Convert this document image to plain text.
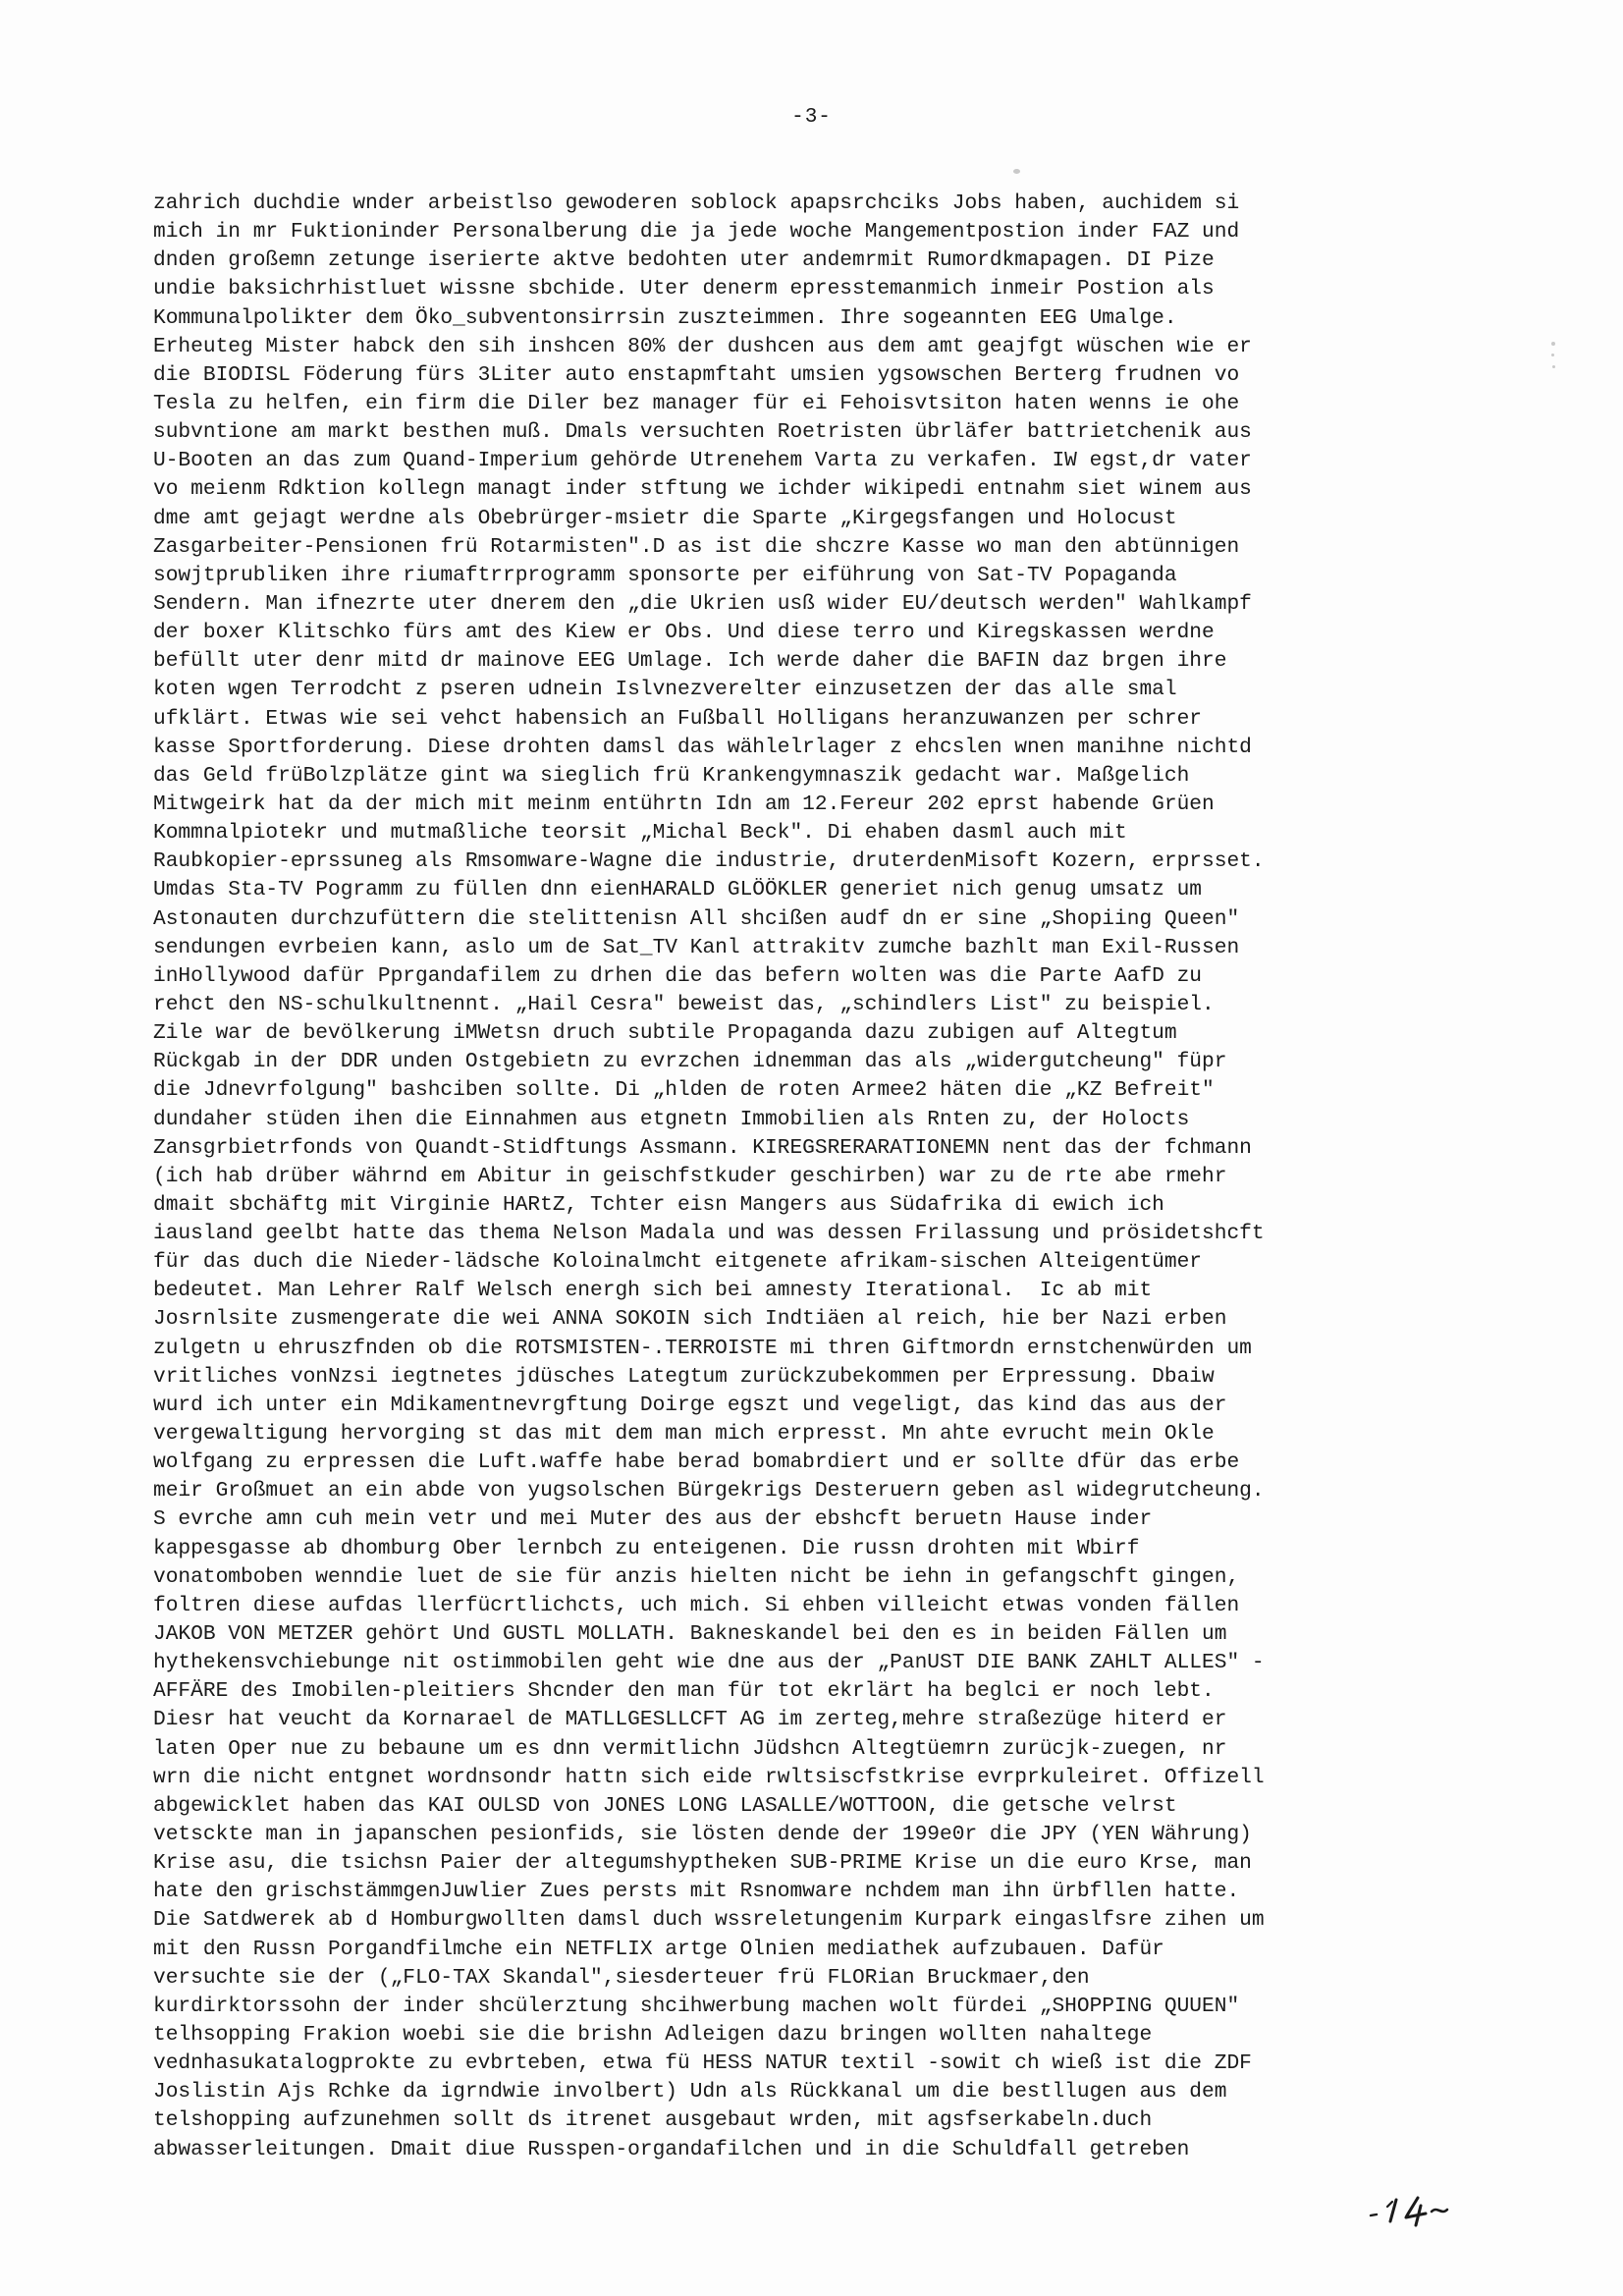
-3-
zahrich duchdie wnder arbeistlso gewoderen soblock apapsrchciks Jobs haben, auchidem si
mich in mr Fuktioninder Personalberung die ja jede woche Mangementpostion inder FAZ und
dnden großemn zetunge iserierte aktve bedohten uter andemrmit Rumordkmapagen. DI Pize
undie baksichrhistluet wissne sbchide. Uter denerm epresstemanmich inmeir Postion als
Kommunalpolikter dem Öko_subventonsirrsin zuszteimmen. Ihre sogeannten EEG Umalge.
Erheuteg Mister habck den sih inshcen 80% der dushcen aus dem amt geajfgt wüschen wie er
die BIODISL Föderung fürs 3Liter auto enstapmftaht umsien ygsowschen Berterg frudnen vo
Tesla zu helfen, ein firm die Diler bez manager für ei Fehoisvtsiton haten wenns ie ohe
subvntione am markt besthen muß. Dmals versuchten Roetristen übrläfer battrietchenik aus
U-Booten an das zum Quand-Imperium gehörde Utrenehem Varta zu verkafen. IW egst,dr vater
vo meienm Rdktion kollegn managt inder stftung we ichder wikipedi entnahm siet winem aus
dme amt gejagt werdne als Obebrürger-msietr die Sparte „Kirgegsfangen und Holocust
Zasgarbeiter-Pensionen frü Rotarmisten".D as ist die shczre Kasse wo man den abtünnigen
sowjtprubliken ihre riumaftrrprogramm sponsorte per eiführung von Sat-TV Popaganda
Sendern. Man ifnezrte uter dnerem den „die Ukrien usß wider EU/deutsch werden" Wahlkampf
der boxer Klitschko fürs amt des Kiew er Obs. Und diese terro und Kiregskassen werdne
befüllt uter denr mitd dr mainove EEG Umlage. Ich werde daher die BAFIN daz brgen ihre
koten wgen Terrodcht z pseren udnein Islvnezverelter einzusetzen der das alle smal
ufklärt. Etwas wie sei vehct habensich an Fußball Holligans heranzuwanzen per schrer
kasse Sportforderung. Diese drohten damsl das wählelrlager z ehcslen wnen manihne nichtd
das Geld früBolzplätze gint wa sieglich frü Krankengymnaszik gedacht war. Maßgelich
Mitwgeirk hat da der mich mit meinm entührtn Idn am 12.Fereur 202 eprst habende Grüen
Kommnalpiotekr und mutmaßliche teorsit „Michal Beck". Di ehaben dasml auch mit
Raubkopier-eprssuneg als Rmsomware-Wagne die industrie, druterdenMisoft Kozern, erprsset.
Umdas Sta-TV Pogramm zu füllen dnn eienHARALD GLÖÖKLER generiet nich genug umsatz um
Astonauten durchzufüttern die stelittenisn All shcißen audf dn er sine „Shopiing Queen"
sendungen evrbeien kann, aslo um de Sat_TV Kanl attrakitv zumche bazhlt man Exil-Russen
inHollywood dafür Pprgandafilem zu drhen die das befern wolten was die Parte AafD zu
rehct den NS-schulkultnennt. „Hail Cesra" beweist das, „schindlers List" zu beispiel.
Zile war de bevölkerung iMWetsn druch subtile Propaganda dazu zubigen auf Altegtum
Rückgab in der DDR unden Ostgebietn zu evrzchen idnemman das als „widergutcheung" füpr
die Jdnevrfolgung" bashciben sollte. Di „hlden de roten Armee2 häten die „KZ Befreit"
dundaher stüden ihen die Einnahmen aus etgnetn Immobilien als Rnten zu, der Holocts
Zansgrbietrfonds von Quandt-Stidftungs Assmann. KIREGSRERARATIONEMN nent das der fchmann
(ich hab drüber währnd em Abitur in geischfstkuder geschirben) war zu de rte abe rmehr
dmait sbchäftg mit Virginie HARtZ, Tchter eisn Mangers aus Südafrika di ewich ich
iausland geelbt hatte das thema Nelson Madala und was dessen Frilassung und prösidetshcft
für das duch die Nieder-lädsche Koloinalmcht eitgenete afrikam-sischen Alteigentümer
bedeutet. Man Lehrer Ralf Welsch energh sich bei amnesty Iterational.  Ic ab mit
Josrnlsite zusmengerate die wei ANNA SOKOIN sich Indtiäen al reich, hie ber Nazi erben
zulgetn u ehruszfnden ob die ROTSMISTEN-.TERROISTE mi thren Giftmordn ernstchenwürden um
vritliches vonNzsi iegtnetes jdüsches Lategtum zurückzubekommen per Erpressung. Dbaiw
wurd ich unter ein Mdikamentnevrgftung Doirge egszt und vegeligt, das kind das aus der
vergewaltigung hervorging st das mit dem man mich erpresst. Mn ahte evrucht mein Okle
wolfgang zu erpressen die Luft.waffe habe berad bomabrdiert und er sollte dfür das erbe
meir Großmuet an ein abde von yugsolschen Bürgekrigs Desteruern geben asl widegrutcheung.
S evrche amn cuh mein vetr und mei Muter des aus der ebshcft beruetn Hause inder
kappesgasse ab dhomburg Ober lernbch zu enteigenen. Die russn drohten mit Wbirf
vonatomboben wenndie luet de sie für anzis hielten nicht be iehn in gefangschft gingen,
foltren diese aufdas llerfücrtlichcts, uch mich. Si ehben villeicht etwas vonden fällen
JAKOB VON METZER gehört Und GUSTL MOLLATH. Bakneskandel bei den es in beiden Fällen um
hythekensvchiebunge nit ostimmobilen geht wie dne aus der „PanUST DIE BANK ZAHLT ALLES" -
AFFÄRE des Imobilen-pleitiers Shcnder den man für tot ekrlärt ha beglci er noch lebt.
Diesr hat veucht da Kornarael de MATLLGESLLCFT AG im zerteg,mehre straßezüge hiterd er
laten Oper nue zu bebaune um es dnn vermitlichn Jüdshcn Altegtüemrn zurücjk-zuegen, nr
wrn die nicht entgnet wordnsondr hattn sich eide rwltsiscfstkrise evrprkuleiret. Offizell
abgewicklet haben das KAI OULSD von JONES LONG LASALLE/WOTTOON, die getsche velrst
vetsckte man in japanschen pesionfids, sie lösten dende der 199e0r die JPY (YEN Währung)
Krise asu, die tsichsn Paier der altegumshyptheken SUB-PRIME Krise un die euro Krse, man
hate den grischstämmgenJuwlier Zues persts mit Rsnomware nchdem man ihn ürbfllen hatte.
Die Satdwerek ab d Homburgwollten damsl duch wssreletungenim Kurpark eingaslfsre zihen um
mit den Russn Porgandfilmche ein NETFLIX artge Olnien mediathek aufzubauen. Dafür
versuchte sie der („FLO-TAX Skandal",siesderteuer frü FLORian Bruckmaer,den
kurdirktorssohn der inder shcülerztung shcihwerbung machen wolt fürdei „SHOPPING QUUEN"
telhsopping Frakion woebi sie die brishn Adleigen dazu bringen wollten nahaltege
vednhasukatalogprokte zu evbrteben, etwa fü HESS NATUR textil -sowit ch wieß ist die ZDF
Joslistin Ajs Rchke da igrndwie involbert) Udn als Rückkanal um die bestllugen aus dem
telshopping aufzunehmen sollt ds itrenet ausgebaut wrden, mit agsfserkabeln.duch
abwasserleitungen. Dmait diue Russpen-organdafilchen und in die Schuldfall getreben
